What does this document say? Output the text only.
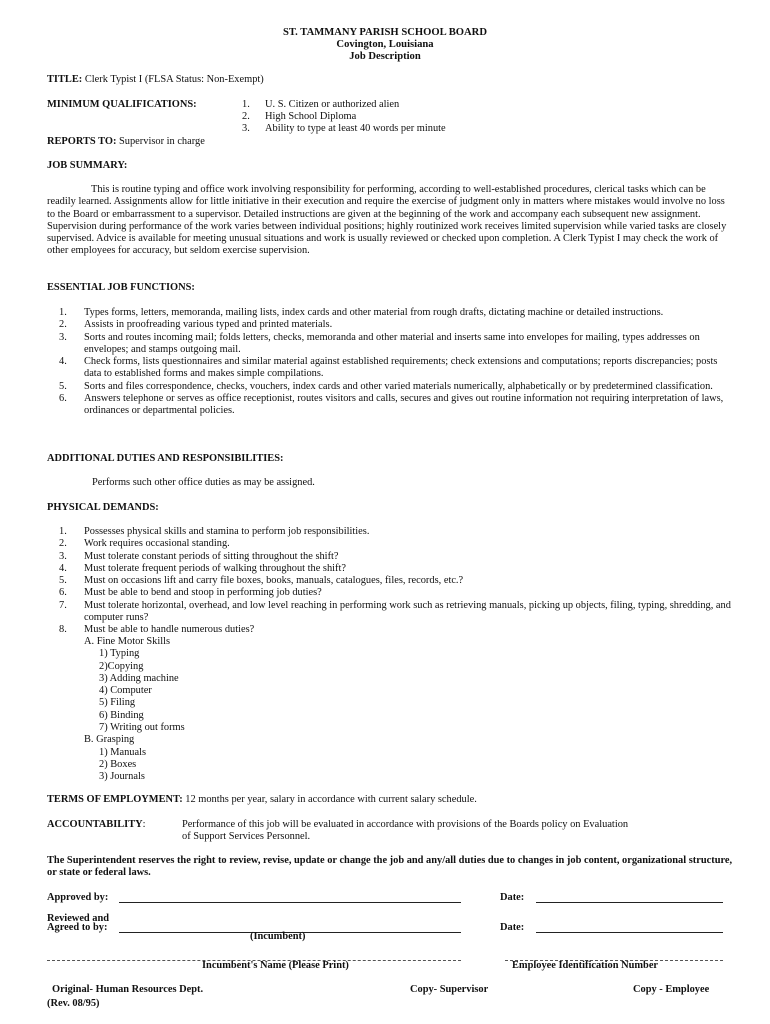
ST. TAMMANY PARISH SCHOOL BOARD
Covington, Louisiana
Job Description
TITLE: Clerk Typist I (FLSA Status: Non-Exempt)
MINIMUM QUALIFICATIONS:	1. U. S. Citizen or authorized alien
2. High School Diploma
3. Ability to type at least 40 words per minute
REPORTS TO: Supervisor in charge
JOB SUMMARY:
This is routine typing and office work involving responsibility for performing, according to well-established procedures, clerical tasks which can be readily learned. Assignments allow for little initiative in their execution and require the exercise of judgment only in matters where mistakes would involve no loss to the Board or embarrassment to a supervisor. Detailed instructions are given at the beginning of the work and accompany each subsequent new assignment. Supervision during performance of the work varies between individual positions; highly routinized work receives limited supervision while varied tasks are closely supervised. Advice is available for meeting unusual situations and work is usually reviewed or checked upon completion. A Clerk Typist I may check the work of other employees for accuracy, but seldom exercise supervision.
ESSENTIAL JOB FUNCTIONS:
1. Types forms, letters, memoranda, mailing lists, index cards and other material from rough drafts, dictating machine or detailed instructions.
2. Assists in proofreading various typed and printed materials.
3. Sorts and routes incoming mail; folds letters, checks, memoranda and other material and inserts same into envelopes for mailing, types addresses on envelopes; and stamps outgoing mail.
4. Check forms, lists questionnaires and similar material against established requirements; check extensions and computations; reports discrepancies; posts data to established forms and makes simple compilations.
5. Sorts and files correspondence, checks, vouchers, index cards and other varied materials numerically, alphabetically or by predetermined classification.
6. Answers telephone or serves as office receptionist, routes visitors and calls, secures and gives out routine information not requiring interpretation of laws, ordinances or departmental policies.
ADDITIONAL DUTIES AND RESPONSIBILITIES:
Performs such other office duties as may be assigned.
PHYSICAL DEMANDS:
1. Possesses physical skills and stamina to perform job responsibilities.
2. Work requires occasional standing.
3. Must tolerate constant periods of sitting throughout the shift?
4. Must tolerate frequent periods of walking throughout the shift?
5. Must on occasions lift and carry file boxes, books, manuals, catalogues, files, records, etc.?
6. Must be able to bend and stoop in performing job duties?
7. Must tolerate horizontal, overhead, and low level reaching in performing work such as retrieving manuals, picking up objects, filing, typing, shredding, and computer runs?
8. Must be able to handle numerous duties?
A. Fine Motor Skills
1) Typing
2)Copying
3) Adding machine
4) Computer
5) Filing
6) Binding
7) Writing out forms
B. Grasping
1) Manuals
2) Boxes
3) Journals
TERMS OF EMPLOYMENT: 12 months per year, salary in accordance with current salary schedule.
ACCOUNTABILITY:	Performance of this job will be evaluated in accordance with provisions of the Boards policy on Evaluation
of Support Services Personnel.
The Superintendent reserves the right to review, revise, update or change the job and any/all duties due to changes in job content, organizational structure, or state or federal laws.
Approved by:	Date:
Reviewed and
Agreed to by:	Date:
(Incumbent)
Incumbent's Name (Please Print)	Employee Identification Number
Original- Human Resources Dept.
(Rev. 08/95)
Copy- Supervisor	Copy - Employee
